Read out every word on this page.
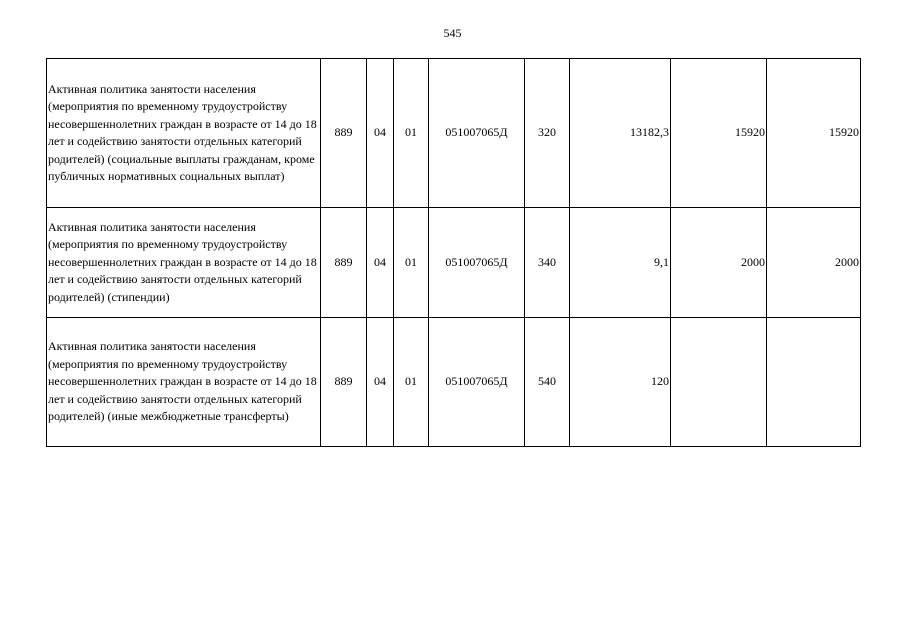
545
Активная политика занятости населения (мероприятия по временному трудоустройству несовершеннолетних граждан в возрасте от 14 до 18 лет и содействию занятости отдельных категорий родителей) (социальные выплаты гражданам, кроме публичных нормативных социальных выплат)	889	04	01	051007065Д	320	13182,3	15920	15920
Активная политика занятости населения (мероприятия по временному трудоустройству несовершеннолетних граждан в возрасте от 14 до 18 лет и содействию занятости отдельных категорий родителей) (стипендии)	889	04	01	051007065Д	340	9,1	2000	2000
Активная политика занятости населения (мероприятия по временному трудоустройству несовершеннолетних граждан в возрасте от 14 до 18 лет и содействию занятости отдельных категорий родителей) (иные межбюджетные трансферты)	889	04	01	051007065Д	540	120		
